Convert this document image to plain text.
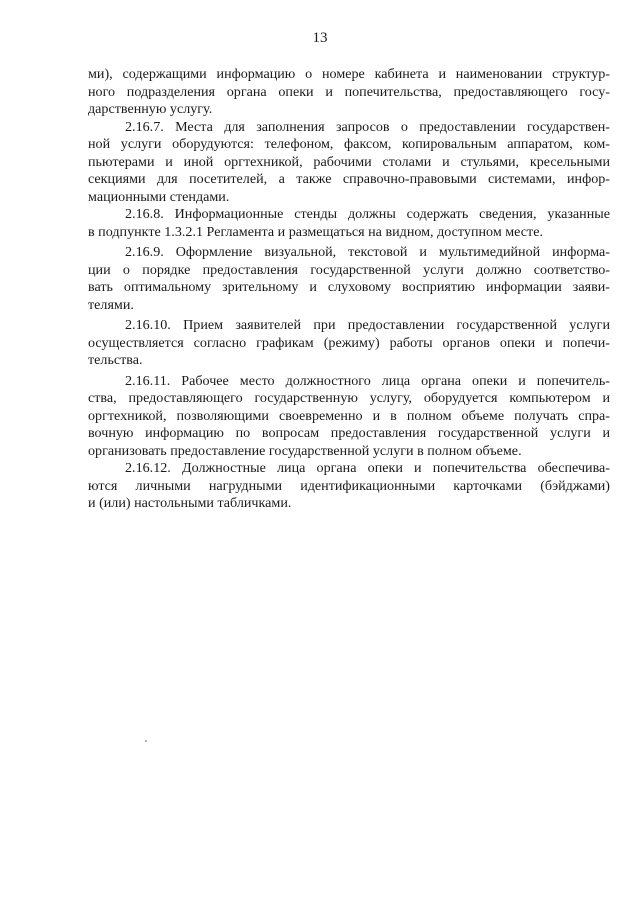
13
ми), содержащими информацию о номере кабинета и наименовании структур-
ного подразделения органа опеки и попечительства, предоставляющего госу-
дарственную услугу.
2.16.7. Места для заполнения запросов о предоставлении государствен-
ной услуги оборудуются: телефоном, факсом, копировальным аппаратом, ком-
пьютерами и иной оргтехникой, рабочими столами и стульями, кресельными
секциями для посетителей, а также справочно-правовыми системами, инфор-
мационными стендами.
2.16.8. Информационные стенды должны содержать сведения, указанные
в подпункте 1.3.2.1 Регламента и размещаться на видном, доступном месте.
2.16.9. Оформление визуальной, текстовой и мультимедийной информа-
ции о порядке предоставления государственной услуги должно соответство-
вать оптимальному зрительному и слуховому восприятию информации заяви-
телями.
2.16.10. Прием заявителей при предоставлении государственной услуги
осуществляется согласно графикам (режиму) работы органов опеки и попечи-
тельства.
2.16.11. Рабочее место должностного лица органа опеки и попечитель-
ства, предоставляющего государственную услугу, оборудуется компьютером и
оргтехникой, позволяющими своевременно и в полном объеме получать спра-
вочную информацию по вопросам предоставления государственной услуги и
организовать предоставление государственной услуги в полном объеме.
2.16.12. Должностные лица органа опеки и попечительства обеспечива-
ются личными нагрудными идентификационными карточками (бэйджами)
и (или) настольными табличками.
